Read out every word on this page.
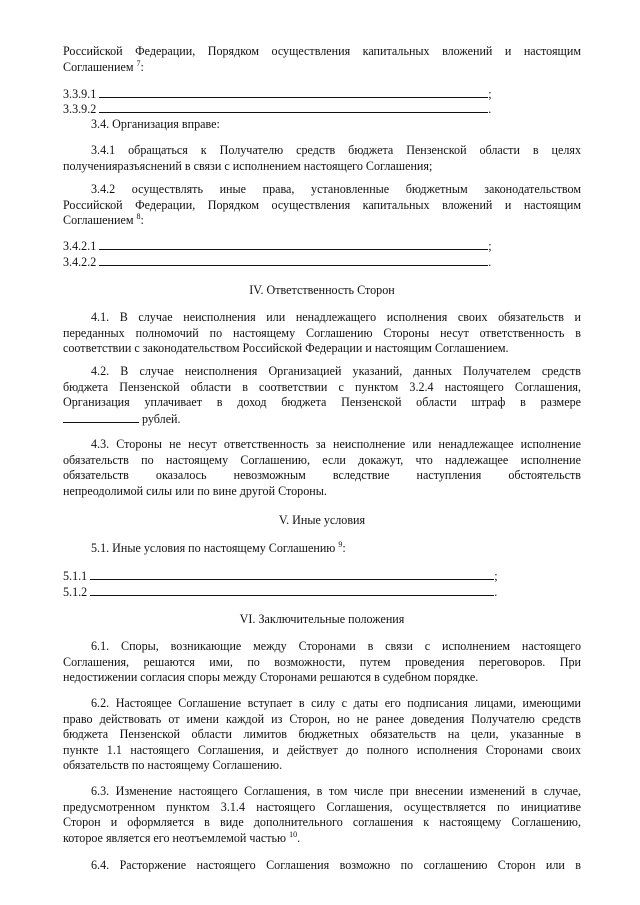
Российской Федерации, Порядком осуществления капитальных вложений и настоящим
Соглашением $^7$:
3.3.9.1	;
3.3.9.2	.
3.4. Организация вправе:
3.4.1 обращаться к Получателю средств бюджета Пензенской области в целях
полученияразъяснений в связи с исполнением настоящего Соглашения;
3.4.2 осуществлять иные права, установленные бюджетным законодательством
Российской Федерации, Порядком осуществления капитальных вложений и настоящим
Соглашением $^8$:
3.4.2.1	;
3.4.2.2	.
IV. Ответственность Сторон
4.1. В случае неисполнения или ненадлежащего исполнения своих обязательств и
переданных полномочий по настоящему Соглашению Стороны несут ответственность в
соответствии с законодательством Российской Федерации и настоящим Соглашением.
4.2. В случае неисполнения Организацией указаний, данных Получателем средств
бюджета Пензенской области в соответствии с пунктом 3.2.4 настоящего Соглашения,
Организация уплачивает в доход бюджета Пензенской области штраф в размере
рублей.
4.3. Стороны не несут ответственность за неисполнение или ненадлежащее исполнение
обязательств по настоящему Соглашению, если докажут, что надлежащее исполнение
обязательств оказалось невозможным вследствие наступления обстоятельств
непреодолимой силы или по вине другой Стороны.
V. Иные условия
5.1. Иные условия по настоящему Соглашению $^9$:
5.1.1	;
5.1.2	.
VI. Заключительные положения
6.1. Споры, возникающие между Сторонами в связи с исполнением настоящего
Соглашения, решаются ими, по возможности, путем проведения переговоров. При
недостижении согласия споры между Сторонами решаются в судебном порядке.
6.2. Настоящее Соглашение вступает в силу с даты его подписания лицами, имеющими
право действовать от имени каждой из Сторон, но не ранее доведения Получателю средств
бюджета Пензенской области лимитов бюджетных обязательств на цели, указанные в
пункте 1.1 настоящего Соглашения, и действует до полного исполнения Сторонами своих
обязательств по настоящему Соглашению.
6.3. Изменение настоящего Соглашения, в том числе при внесении изменений в случае,
предусмотренном пунктом 3.1.4 настоящего Соглашения, осуществляется по инициативе
Сторон и оформляется в виде дополнительного соглашения к настоящему Соглашению,
которое является его неотъемлемой частью $^{10}$.
6.4. Расторжение настоящего Соглашения возможно по соглашению Сторон или в
